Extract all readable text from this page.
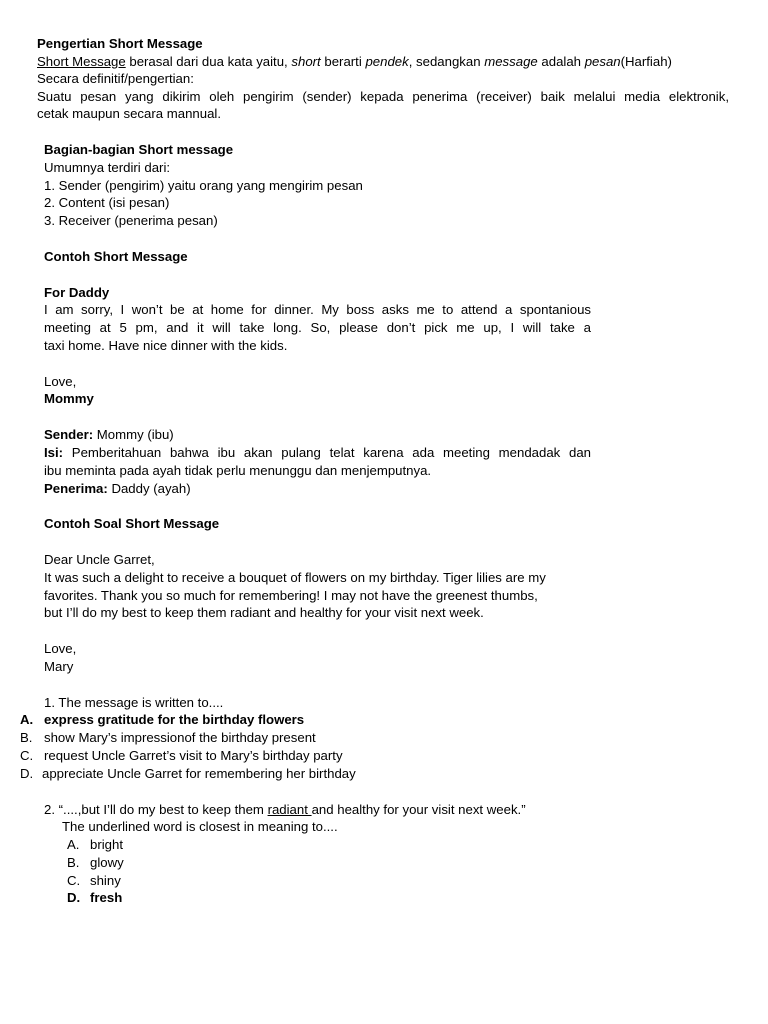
Pengertian Short Message

Short Message berasal dari dua kata yaitu, short berarti pendek, sedangkan message adalah pesan(Harfiah)

Secara definitif/pengertian:

Suatu pesan yang dikirim oleh pengirim (sender) kepada penerima (receiver) baik melalui media elektronik,

cetak maupun secara mannual.

Bagian-bagian Short message

Umumnya terdiri dari:

1. Sender (pengirim) yaitu orang yang mengirim pesan

2. Content (isi pesan)

3. Receiver (penerima pesan)

Contoh Short Message

For Daddy

I am sorry, I won’t be at home for dinner. My boss asks me to attend a spontanious

meeting at 5 pm, and it will take long. So, please don’t pick me up, I will take a

taxi home. Have nice dinner with the kids.

Love,

Mommy

Sender: Mommy (ibu)

Isi: Pemberitahuan bahwa ibu akan pulang telat karena ada meeting mendadak dan

ibu meminta pada ayah tidak perlu menunggu dan menjemputnya.

Penerima: Daddy (ayah)

Contoh Soal Short Message

Dear Uncle Garret,

It was such a delight to receive a bouquet of flowers on my birthday. Tiger lilies are my

favorites. Thank you so much for remembering! I may not have the greenest thumbs,

but I’ll do my best to keep them radiant and healthy for your visit next week.

Love,

Mary

1. The message is written to....

A. express gratitude for the birthday flowers

B. show Mary’s impressionof the birthday present

C. request Uncle Garret’s visit to Mary’s birthday party

D. appreciate Uncle Garret for remembering her birthday

2. “....,but I’ll do my best to keep them radiant and healthy for your visit next week.”

The underlined word is closest in meaning to....

A. bright

B. glowy

C. shiny

D. fresh
